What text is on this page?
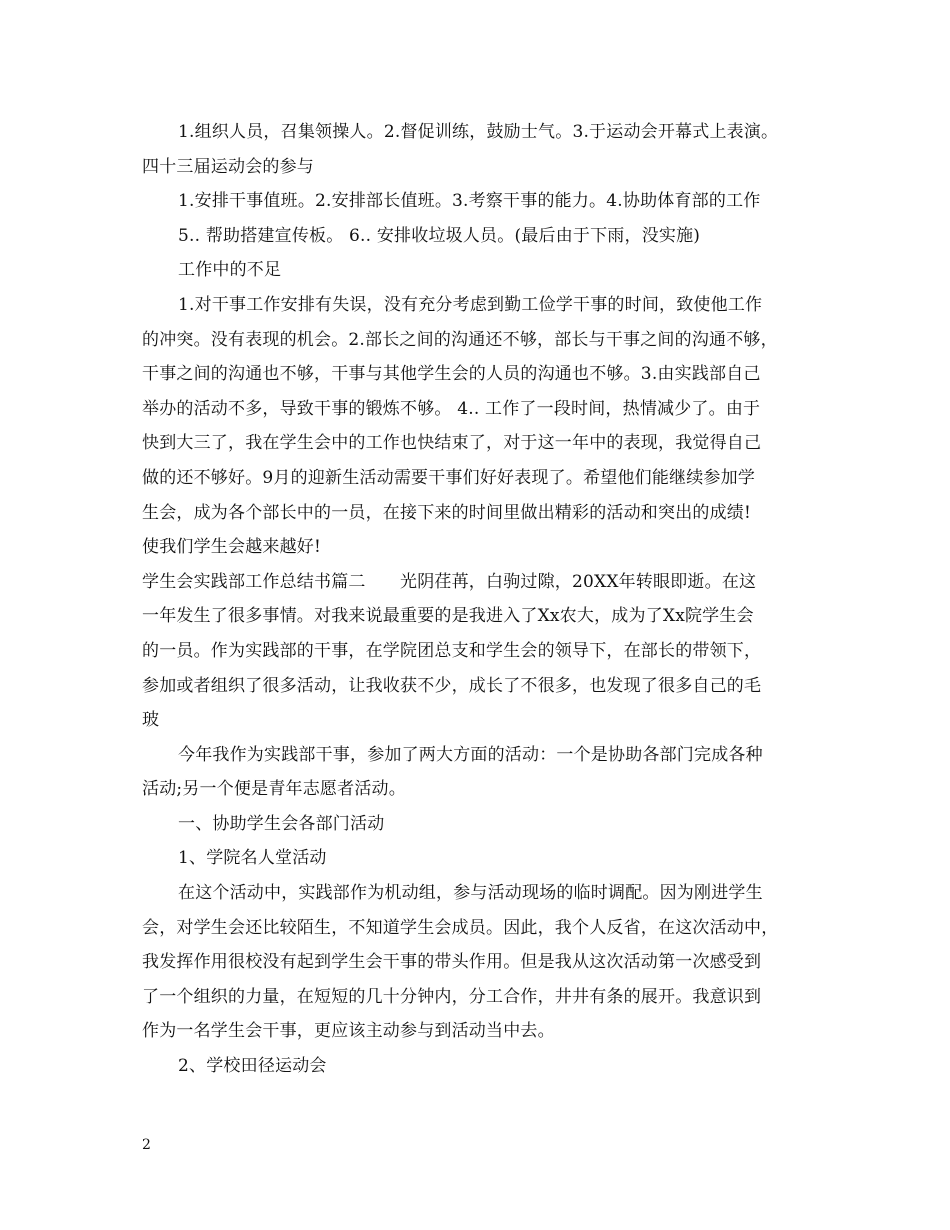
1.组织人员，召集领操人。2.督促训练，鼓励士气。3.于运动会开幕式上表演。
四十三届运动会的参与
1.安排干事值班。2.安排部长值班。3.考察干事的能力。4.协助体育部的工作
5.. 帮助搭建宣传板。 6.. 安排收垃圾人员。(最后由于下雨，没实施)
工作中的不足
1.对干事工作安排有失误，没有充分考虑到勤工俭学干事的时间，致使他工作
的冲突。没有表现的机会。2.部长之间的沟通还不够，部长与干事之间的沟通不够，
干事之间的沟通也不够，干事与其他学生会的人员的沟通也不够。3.由实践部自己
举办的活动不多，导致干事的锻炼不够。 4.. 工作了一段时间，热情减少了。由于
快到大三了，我在学生会中的工作也快结束了，对于这一年中的表现，我觉得自己
做的还不够好。9月的迎新生活动需要干事们好好表现了。希望他们能继续参加学
生会，成为各个部长中的一员，在接下来的时间里做出精彩的活动和突出的成绩!
使我们学生会越来越好!
学生会实践部工作总结书篇二　　光阴荏苒，白驹过隙，20XX年转眼即逝。在这
一年发生了很多事情。对我来说最重要的是我进入了Xx农大，成为了Xx院学生会
的一员。作为实践部的干事，在学院团总支和学生会的领导下，在部长的带领下，
参加或者组织了很多活动，让我收获不少，成长了不很多，也发现了很多自己的毛
玻
今年我作为实践部干事，参加了两大方面的活动：一个是协助各部门完成各种
活动;另一个便是青年志愿者活动。
一、协助学生会各部门活动
1、学院名人堂活动
在这个活动中，实践部作为机动组，参与活动现场的临时调配。因为刚进学生
会，对学生会还比较陌生，不知道学生会成员。因此，我个人反省，在这次活动中，
我发挥作用很校没有起到学生会干事的带头作用。但是我从这次活动第一次感受到
了一个组织的力量，在短短的几十分钟内，分工合作，井井有条的展开。我意识到
作为一名学生会干事，更应该主动参与到活动当中去。
2、学校田径运动会
2
